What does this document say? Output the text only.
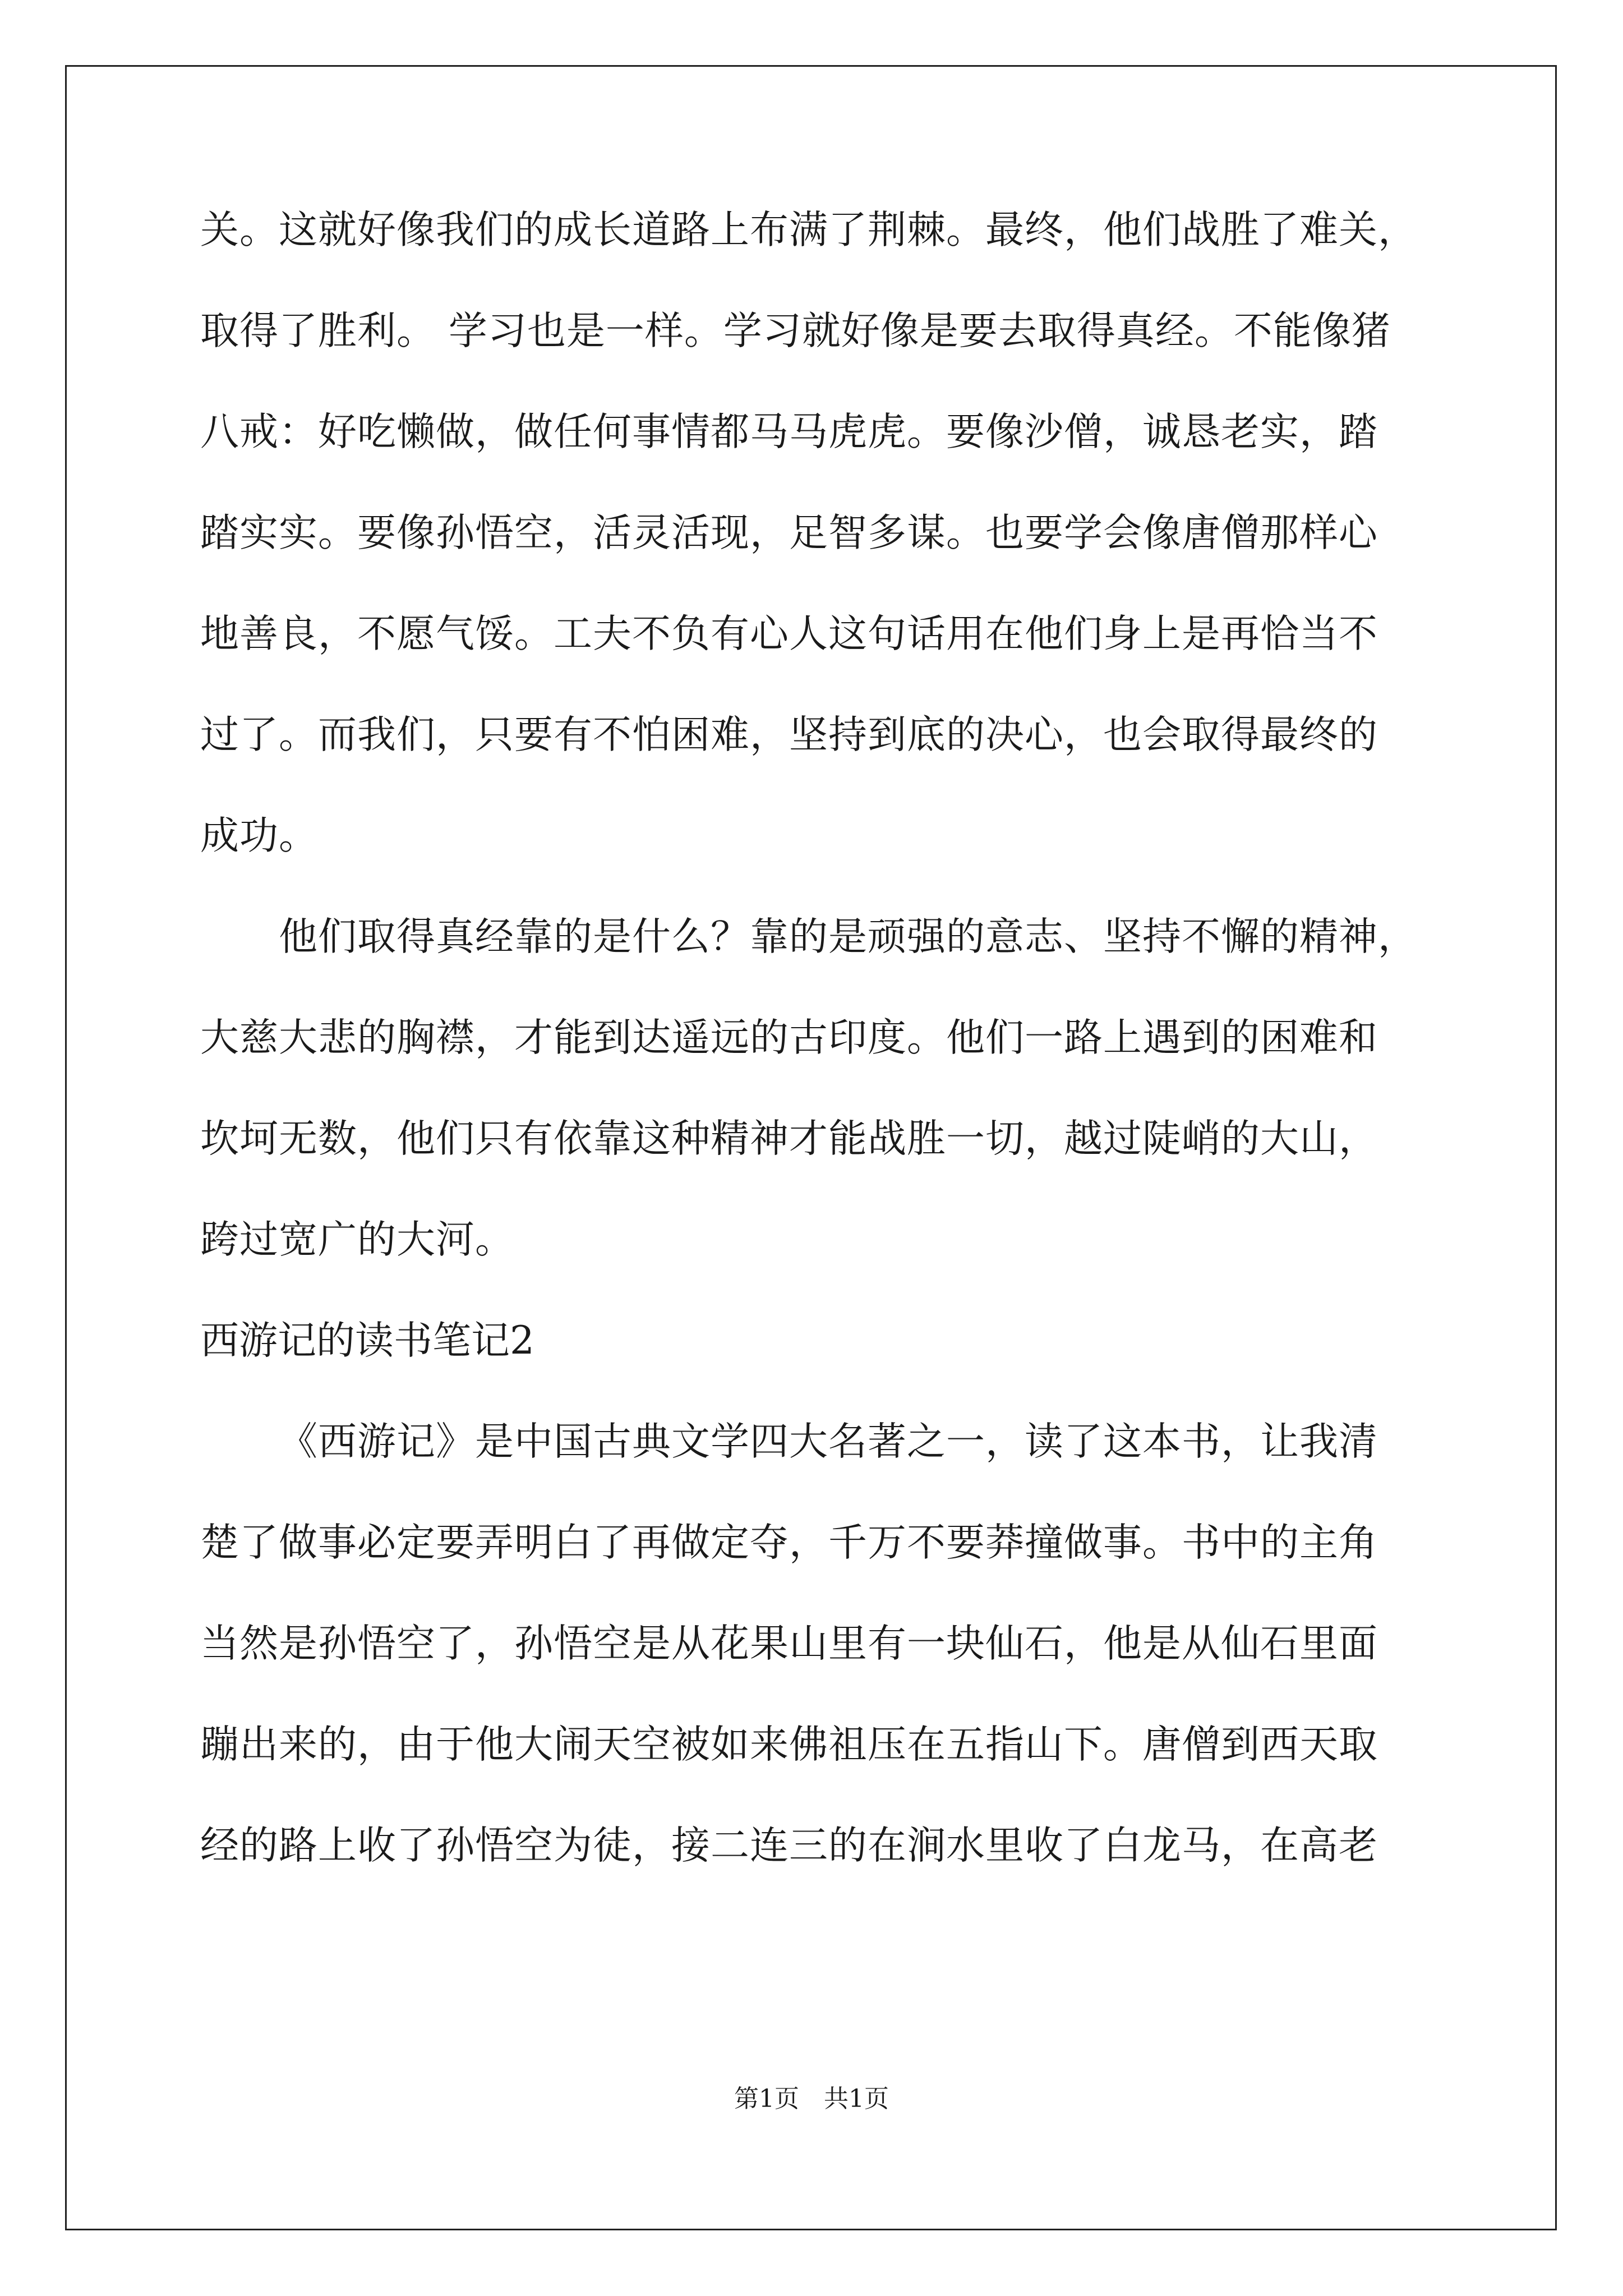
关。这就好像我们的成长道路上布满了荆棘。最终，他们战胜了难关，
取得了胜利。 学习也是一样。学习就好像是要去取得真经。不能像猪
八戒：好吃懒做，做任何事情都马马虎虎。要像沙僧，诚恳老实，踏
踏实实。要像孙悟空，活灵活现，足智多谋。也要学会像唐僧那样心
地善良，不愿气馁。工夫不负有心人这句话用在他们身上是再恰当不
过了。而我们，只要有不怕困难，坚持到底的决心，也会取得最终的
成功。
他们取得真经靠的是什么？靠的是顽强的意志、坚持不懈的精神，
大慈大悲的胸襟，才能到达遥远的古印度。他们一路上遇到的困难和
坎坷无数，他们只有依靠这种精神才能战胜一切，越过陡峭的大山，
跨过宽广的大河。
西游记的读书笔记2
《西游记》是中国古典文学四大名著之一，读了这本书，让我清
楚了做事必定要弄明白了再做定夺，千万不要莽撞做事。书中的主角
当然是孙悟空了，孙悟空是从花果山里有一块仙石，他是从仙石里面
蹦出来的，由于他大闹天空被如来佛祖压在五指山下。唐僧到西天取
经的路上收了孙悟空为徒，接二连三的在涧水里收了白龙马，在高老
第1页　共1页
